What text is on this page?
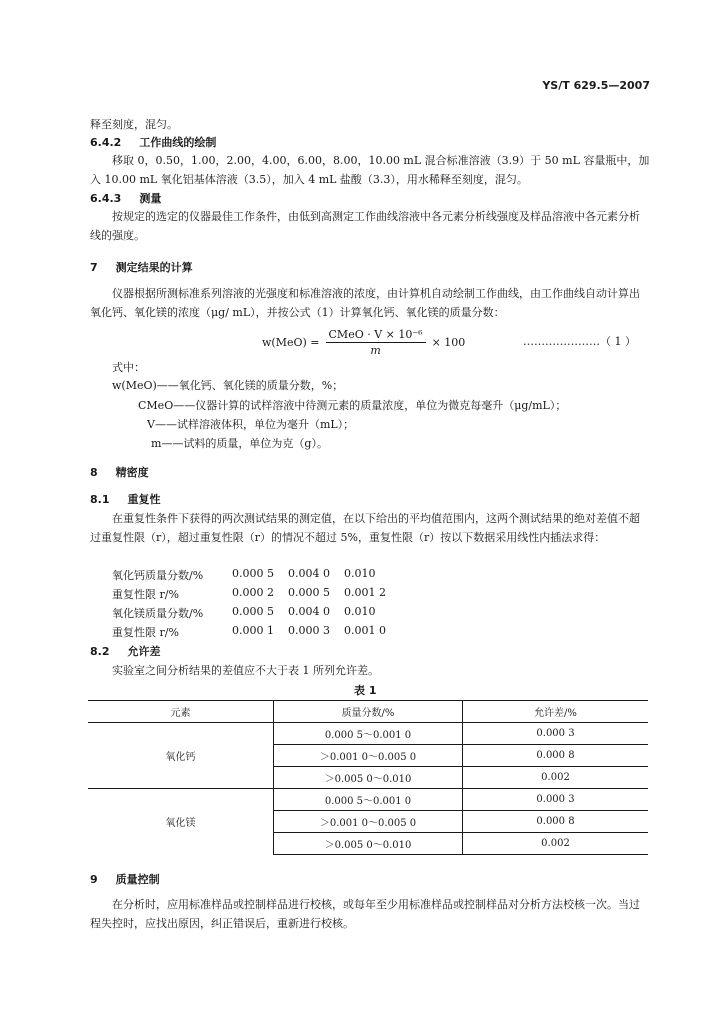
YS/T 629.5—2007
释至刻度，混匀。
6.4.2 工作曲线的绘制
移取 0，0.50，1.00，2.00，4.00，6.00，8.00，10.00 mL 混合标准溶液（3.9）于 50 mL 容量瓶中，加入 10.00 mL 氧化铝基体溶液（3.5），加入 4 mL 盐酸（3.3），用水稀释至刻度，混匀。
6.4.3 测量
按规定的选定的仪器最佳工作条件，由低到高测定工作曲线溶液中各元素分析线强度及样品溶液中各元素分析线的强度。
7 测定结果的计算
仪器根据所测标准系列溶液的光强度和标准溶液的浓度，由计算机自动绘制工作曲线，由工作曲线自动计算出氧化钙、氧化镁的浓度（μg/ mL），并按公式（1）计算氧化钙、氧化镁的质量分数：
$w(MeO) = \frac{\text{CMeO · V × 10⁻⁶}}{m} \times 100$	…………………（ 1 ）
式中：
w(MeO)——氧化钙、氧化镁的质量分数，%；
CMeO——仪器计算的试样溶液中待测元素的质量浓度，单位为微克每毫升（μg/mL）；
V——试样溶液体积，单位为毫升（mL）；
m——试料的质量，单位为克（g）。
8 精密度
8.1 重复性
在重复性条件下获得的两次测试结果的测定值，在以下给出的平均值范围内，这两个测试结果的绝对差值不超过重复性限（r），超过重复性限（r）的情况不超过 5%，重复性限（r）按以下数据采用线性内插法求得：
氧化钙质量分数/%	0.000 5 0.004 0 0.010
重复性限 r/%	0.000 2 0.000 5 0.001 2
氧化镁质量分数/%	0.000 5 0.004 0 0.010
重复性限 r/%	0.000 1 0.000 3 0.001 0
8.2 允许差
实验室之间分析结果的差值应不大于表 1 所列允许差。
表 1
元素	质量分数/%	允许差/%
氧化钙	0.000 5～0.001 0	0.000 3
	＞0.001 0～0.005 0	0.000 8
	＞0.005 0～0.010	0.002
氧化镁	0.000 5～0.001 0	0.000 3
	＞0.001 0～0.005 0	0.000 8
	＞0.005 0～0.010	0.002
9 质量控制
在分析时，应用标准样品或控制样品进行校核，或每年至少用标准样品或控制样品对分析方法校核一次。当过程失控时，应找出原因，纠正错误后，重新进行校核。
